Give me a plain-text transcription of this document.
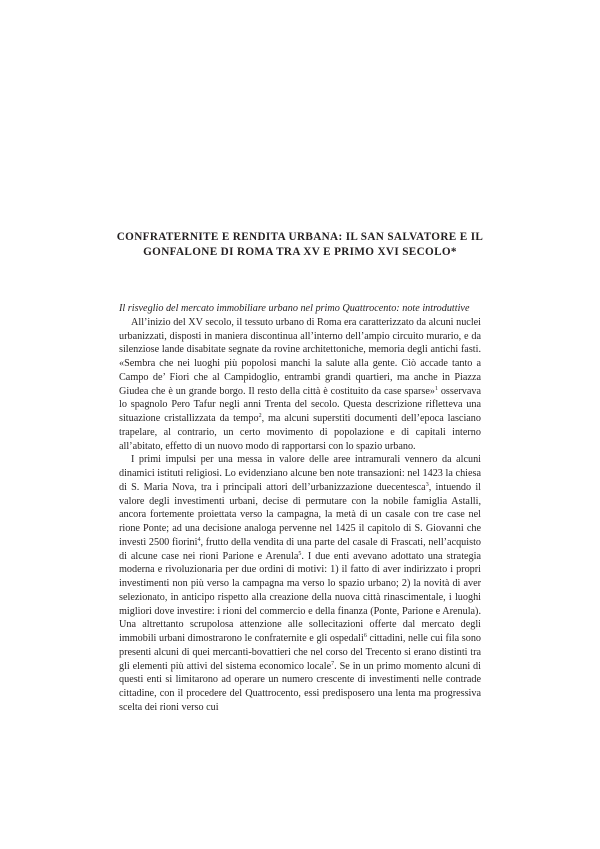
CONFRATERNITE E RENDITA URBANA: IL SAN SALVATORE E IL
GONFALONE DI ROMA TRA XV E PRIMO XVI SECOLO*

Il risveglio del mercato immobiliare urbano nel primo Quattrocento: note introduttive

All’inizio del XV secolo, il tessuto urbano di Roma era caratterizzato da alcuni nuclei urbanizzati, disposti in maniera discontinua all’interno dell’ampio circuito murario, e da silenziose lande disabitate segnate da rovine architettoniche, memoria degli antichi fasti. «Sembra che nei luoghi più popolosi manchi la salute alla gente. Ciò accade tanto a Campo de’ Fiori che al Campidoglio, entrambi grandi quartieri, ma anche in Piazza Giudea che è un grande borgo. Il resto della città è costituito da case sparse»$^1$ osservava lo spagnolo Pero Tafur negli anni Trenta del secolo. Questa descrizione rifletteva una situazione cristallizzata da tempo$^2$, ma alcuni superstiti documenti dell’epoca lasciano trapelare, al contrario, un certo movimento di popolazione e di capitali interno all’abitato, effetto di un nuovo modo di rapportarsi con lo spazio urbano.

I primi impulsi per una messa in valore delle aree intramurali vennero da alcuni dinamici istituti religiosi. Lo evidenziano alcune ben note transazioni: nel 1423 la chiesa di S. Maria Nova, tra i principali attori dell’urbanizzazione duecentesca$^3$, intuendo il valore degli investimenti urbani, decise di permutare con la nobile famiglia Astalli, ancora fortemente proiettata verso la campagna, la metà di un casale con tre case nel rione Ponte; ad una decisione analoga pervenne nel 1425 il capitolo di S. Giovanni che investì 2500 fiorini$^4$, frutto della vendita di una parte del casale di Frascati, nell’acquisto di alcune case nei rioni Parione e Arenula$^5$. I due enti avevano adottato una strategia moderna e rivoluzionaria per due ordini di motivi: 1) il fatto di aver indirizzato i propri investimenti non più verso la campagna ma verso lo spazio urbano; 2) la novità di aver selezionato, in anticipo rispetto alla creazione della nuova città rinascimentale, i luoghi migliori dove investire: i rioni del commercio e della finanza (Ponte, Parione e Arenula). Una altrettanto scrupolosa attenzione alle sollecitazioni offerte dal mercato degli immobili urbani dimostrarono le confraternite e gli ospedali$^6$ cittadini, nelle cui fila sono presenti alcuni di quei mercanti-bovattieri che nel corso del Trecento si erano distinti tra gli elementi più attivi del sistema economico locale$^7$. Se in un primo momento alcuni di questi enti si limitarono ad operare un numero crescente di investimenti nelle contrade cittadine, con il procedere del Quattrocento, essi predisposero una lenta ma progressiva scelta dei rioni verso cui
